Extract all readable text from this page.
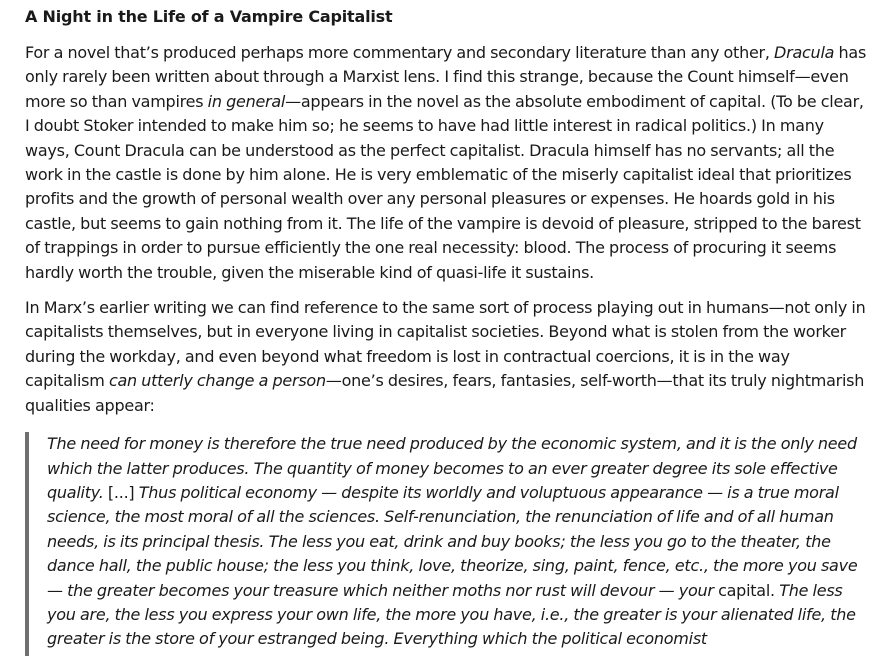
A Night in the Life of a Vampire Capitalist

For a novel that’s produced perhaps more commentary and secondary literature than any other, Dracula has only rarely been written about through a Marxist lens. I find this strange, because the Count himself—even more so than vampires in general—appears in the novel as the absolute embodiment of capital. (To be clear, I doubt Stoker intended to make him so; he seems to have had little interest in radical politics.) In many ways, Count Dracula can be understood as the perfect capitalist. Dracula himself has no servants; all the work in the castle is done by him alone. He is very emblematic of the miserly capitalist ideal that prioritizes profits and the growth of personal wealth over any personal pleasures or expenses. He hoards gold in his castle, but seems to gain nothing from it. The life of the vampire is devoid of pleasure, stripped to the barest of trappings in order to pursue efficiently the one real necessity: blood. The process of procuring it seems hardly worth the trouble, given the miserable kind of quasi-life it sustains.

In Marx’s earlier writing we can find reference to the same sort of process playing out in humans—not only in capitalists themselves, but in everyone living in capitalist societies. Beyond what is stolen from the worker during the workday, and even beyond what freedom is lost in contractual coercions, it is in the way capitalism can utterly change a person—one’s desires, fears, fantasies, self-worth—that its truly nightmarish qualities appear:

The need for money is therefore the true need produced by the economic system, and it is the only need which the latter produces. The quantity of money becomes to an ever greater degree its sole effective quality. [...] Thus political economy — despite its worldly and voluptuous appearance — is a true moral science, the most moral of all the sciences. Self-renunciation, the renunciation of life and of all human needs, is its principal thesis. The less you eat, drink and buy books; the less you go to the theater, the dance hall, the public house; the less you think, love, theorize, sing, paint, fence, etc., the more you save — the greater becomes your treasure which neither moths nor rust will devour — your capital. The less you are, the less you express your own life, the more you have, i.e., the greater is your alienated life, the greater is the store of your estranged being. Everything which the political economist
